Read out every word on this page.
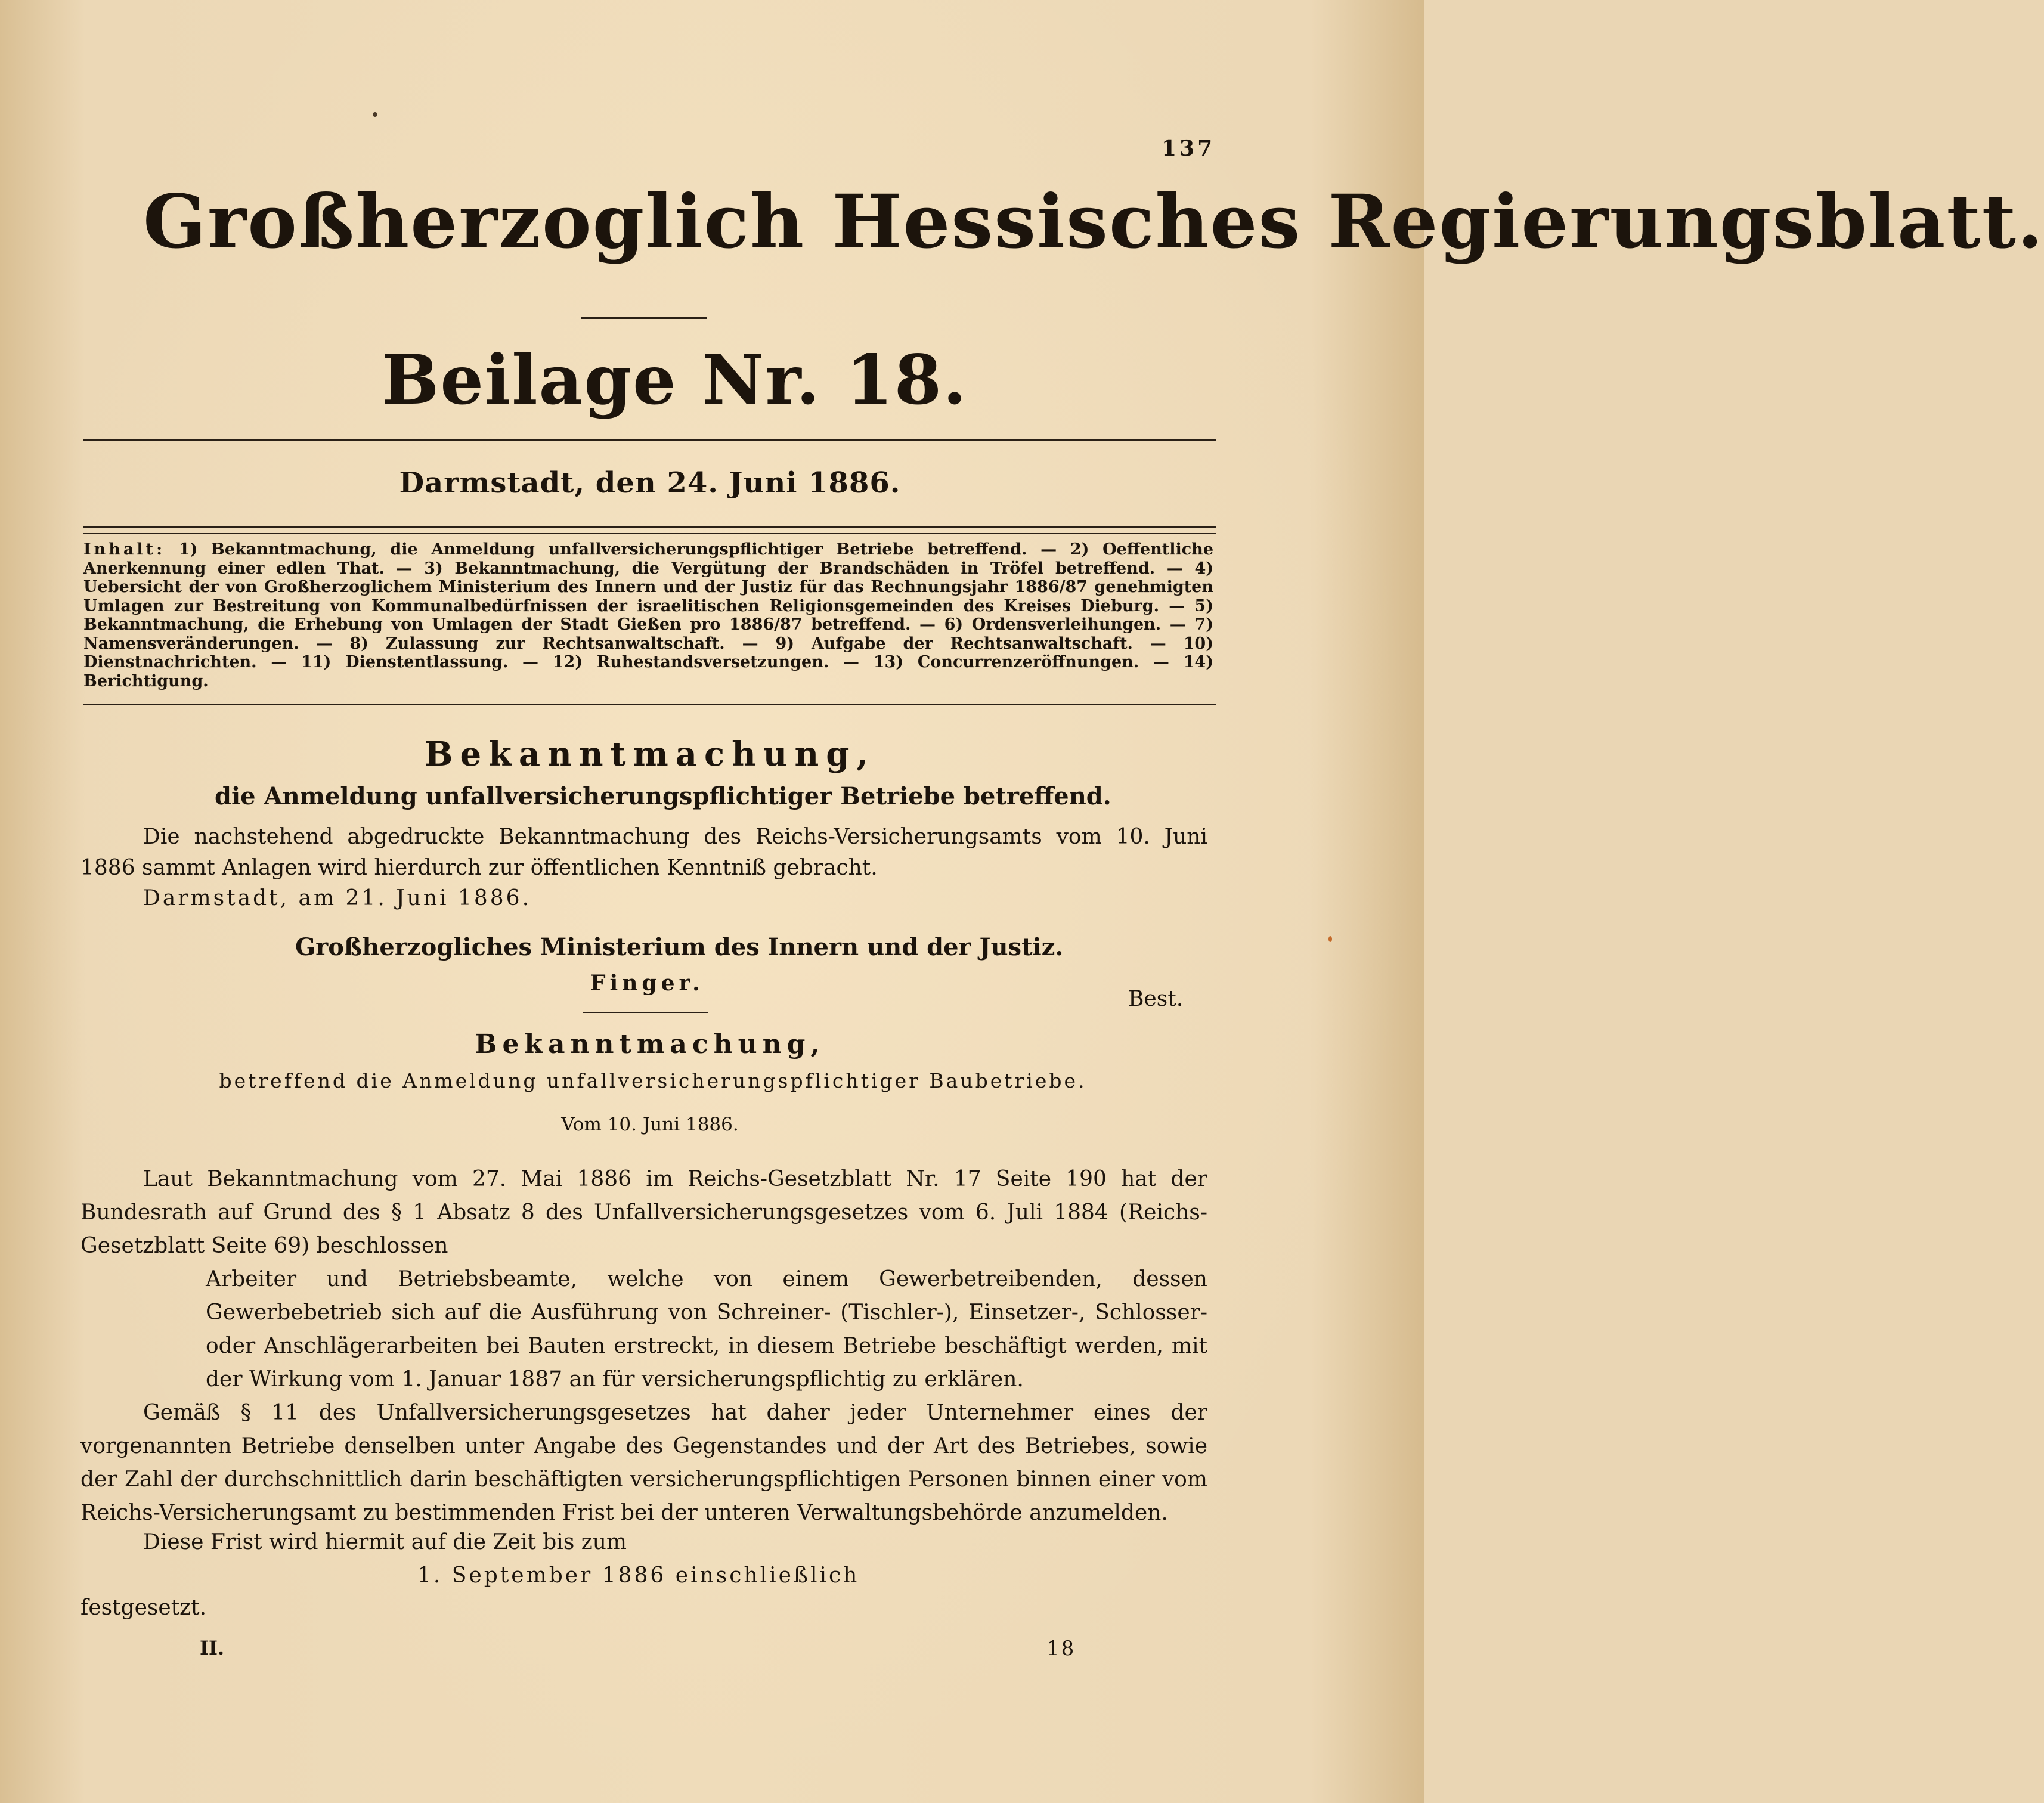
137
Großherzoglich Hessisches Regierungsblatt.
Beilage Nr. 18.
Darmstadt, den 24. Juni 1886.

Inhalt: 1) Bekanntmachung, die Anmeldung unfallversicherungspflichtiger Betriebe betreffend. — 2) Oeffentliche Anerkennung einer edlen That. — 3) Bekanntmachung, die Vergütung der Brandschäden in Tröfel betreffend. — 4) Uebersicht der von Großherzoglichem Ministerium des Innern und der Justiz für das Rechnungsjahr 1886/87 genehmigten Umlagen zur Bestreitung von Kommunalbedürfnissen der israelitischen Religionsgemeinden des Kreises Dieburg. — 5) Bekanntmachung, die Erhebung von Umlagen der Stadt Gießen pro 1886/87 betreffend. — 6) Ordensverleihungen. — 7) Namensveränderungen. — 8) Zulassung zur Rechtsanwaltschaft. — 9) Aufgabe der Rechtsanwaltschaft. — 10) Dienstnachrichten. — 11) Dienstentlassung. — 12) Ruhestandsversetzungen. — 13) Concurrenzeröffnungen. — 14) Berichtigung.

Bekanntmachung,
die Anmeldung unfallversicherungspflichtiger Betriebe betreffend.

Die nachstehend abgedruckte Bekanntmachung des Reichs-Versicherungsamts vom 10. Juni 1886 sammt Anlagen wird hierdurch zur öffentlichen Kenntniß gebracht.

Darmstadt, am 21. Juni 1886.
Großherzogliches Ministerium des Innern und der Justiz.
Finger.
Best.
Bekanntmachung,
betreffend die Anmeldung unfallversicherungspflichtiger Baubetriebe.
Vom 10. Juni 1886.

Laut Bekanntmachung vom 27. Mai 1886 im Reichs-Gesetzblatt Nr. 17 Seite 190 hat der Bundesrath auf Grund des § 1 Absatz 8 des Unfallversicherungsgesetzes vom 6. Juli 1884 (Reichs-Gesetzblatt Seite 69) beschlossen

Arbeiter und Betriebsbeamte, welche von einem Gewerbetreibenden, dessen Gewerbebetrieb sich auf die Ausführung von Schreiner- (Tischler-), Einsetzer-, Schlosser- oder Anschlägerarbeiten bei Bauten erstreckt, in diesem Betriebe beschäftigt werden, mit der Wirkung vom 1. Januar 1887 an für versicherungspflichtig zu erklären.

Gemäß § 11 des Unfallversicherungsgesetzes hat daher jeder Unternehmer eines der vorgenannten Betriebe denselben unter Angabe des Gegenstandes und der Art des Betriebes, sowie der Zahl der durchschnittlich darin beschäftigten versicherungspflichtigen Personen binnen einer vom Reichs-Versicherungsamt zu bestimmenden Frist bei der unteren Verwaltungsbehörde anzumelden.

Diese Frist wird hiermit auf die Zeit bis zum
1. September 1886 einschließlich
festgesetzt.
II.	18
